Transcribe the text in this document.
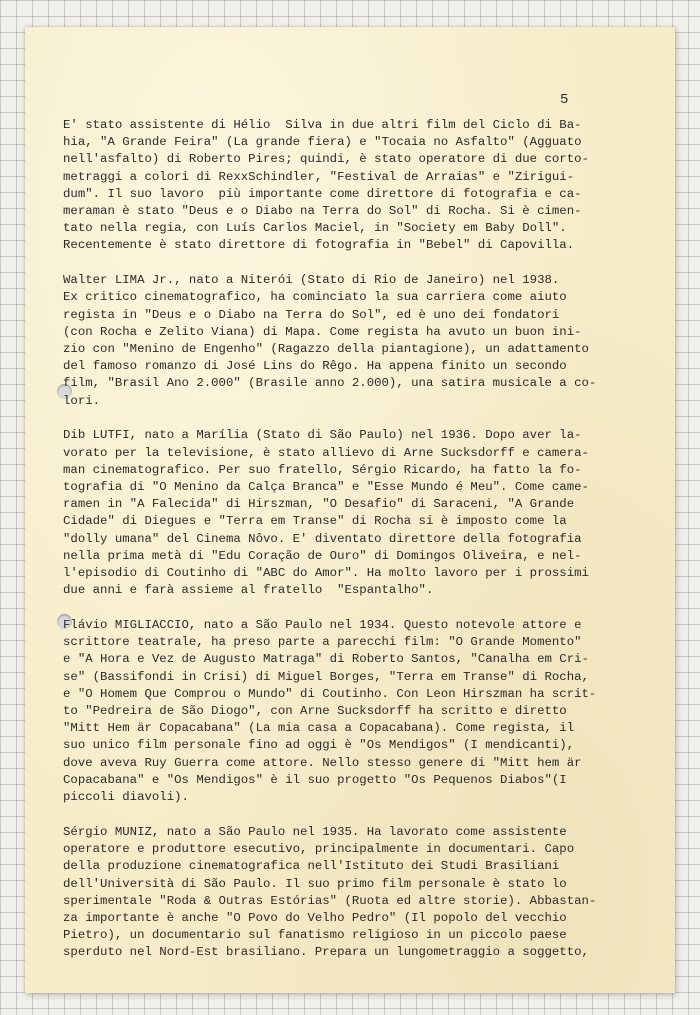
5
E' stato assistente di Hélio  Silva in due altri film del Ciclo di Ba-
hia, "A Grande Feira" (La grande fiera) e "Tocaia no Asfalto" (Agguato
nell'asfalto) di Roberto Pires; quindi, è stato operatore di due corto-
metraggi a colori di RexxSchindler, "Festival de Arraias" e "Zirigui-
dum". Il suo lavoro  più importante come direttore di fotografia e ca-
meraman è stato "Deus e o Diabo na Terra do Sol" di Rocha. Si è cimen-
tato nella regia, con Luís Carlos Maciel, in "Society em Baby Doll".
Recentemente è stato direttore di fotografia in "Bebel" di Capovilla.
Walter LIMA Jr., nato a Niterói (Stato di Rio de Janeiro) nel 1938.
Ex critico cinematografico, ha cominciato la sua carriera come aiuto
regista in "Deus e o Diabo na Terra do Sol", ed è uno dei fondatori
(con Rocha e Zelito Viana) di Mapa. Come regista ha avuto un buon ini-
zio con "Menino de Engenho" (Ragazzo della piantagione), un adattamento
del famoso romanzo di José Lins do Rêgo. Ha appena finito un secondo
film, "Brasil Ano 2.000" (Brasile anno 2.000), una satira musicale a co-
lori.
Dib LUTFI, nato a Marília (Stato di São Paulo) nel 1936. Dopo aver la-
vorato per la televisione, è stato allievo di Arne Sucksdorff e camera-
man cinematografico. Per suo fratello, Sérgio Ricardo, ha fatto la fo-
tografia di "O Menino da Calça Branca" e "Esse Mundo é Meu". Come came-
ramen in "A Falecida" di Hirszman, "O Desafio" di Saraceni, "A Grande
Cidade" di Diegues e "Terra em Transe" di Rocha si è imposto come la
"dolly umana" del Cinema Nôvo. E' diventato direttore della fotografia
nella prima metà di "Edu Coração de Ouro" di Domingos Oliveira, e nel-
l'episodio di Coutinho di "ABC do Amor". Ha molto lavoro per i prossimi
due anni e farà assieme al fratello  "Espantalho".
Flávio MIGLIACCIO, nato a São Paulo nel 1934. Questo notevole attore e
scrittore teatrale, ha preso parte a parecchi film: "O Grande Momento"
e "A Hora e Vez de Augusto Matraga" di Roberto Santos, "Canalha em Cri-
se" (Bassifondi in Crisi) di Miguel Borges, "Terra em Transe" di Rocha,
e "O Homem Que Comprou o Mundo" di Coutinho. Con Leon Hirszman ha scrit-
to "Pedreira de São Diogo", con Arne Sucksdorff ha scritto e diretto
"Mitt Hem är Copacabana" (La mia casa a Copacabana). Come regista, il
suo unico film personale fino ad oggi è "Os Mendigos" (I mendicanti),
dove aveva Ruy Guerra come attore. Nello stesso genere di "Mitt hem är
Copacabana" e "Os Mendigos" è il suo progetto "Os Pequenos Diabos"(I
piccoli diavoli).
Sérgio MUNIZ, nato a São Paulo nel 1935. Ha lavorato come assistente
operatore e produttore esecutivo, principalmente in documentari. Capo
della produzione cinematografica nell'Istituto dei Studi Brasiliani
dell'Università di São Paulo. Il suo primo film personale è stato lo
sperimentale "Roda & Outras Estórias" (Ruota ed altre storie). Abbastan-
za importante è anche "O Povo do Velho Pedro" (Il popolo del vecchio
Pietro), un documentario sul fanatismo religioso in un piccolo paese
sperduto nel Nord-Est brasiliano. Prepara un lungometraggio a soggetto,
